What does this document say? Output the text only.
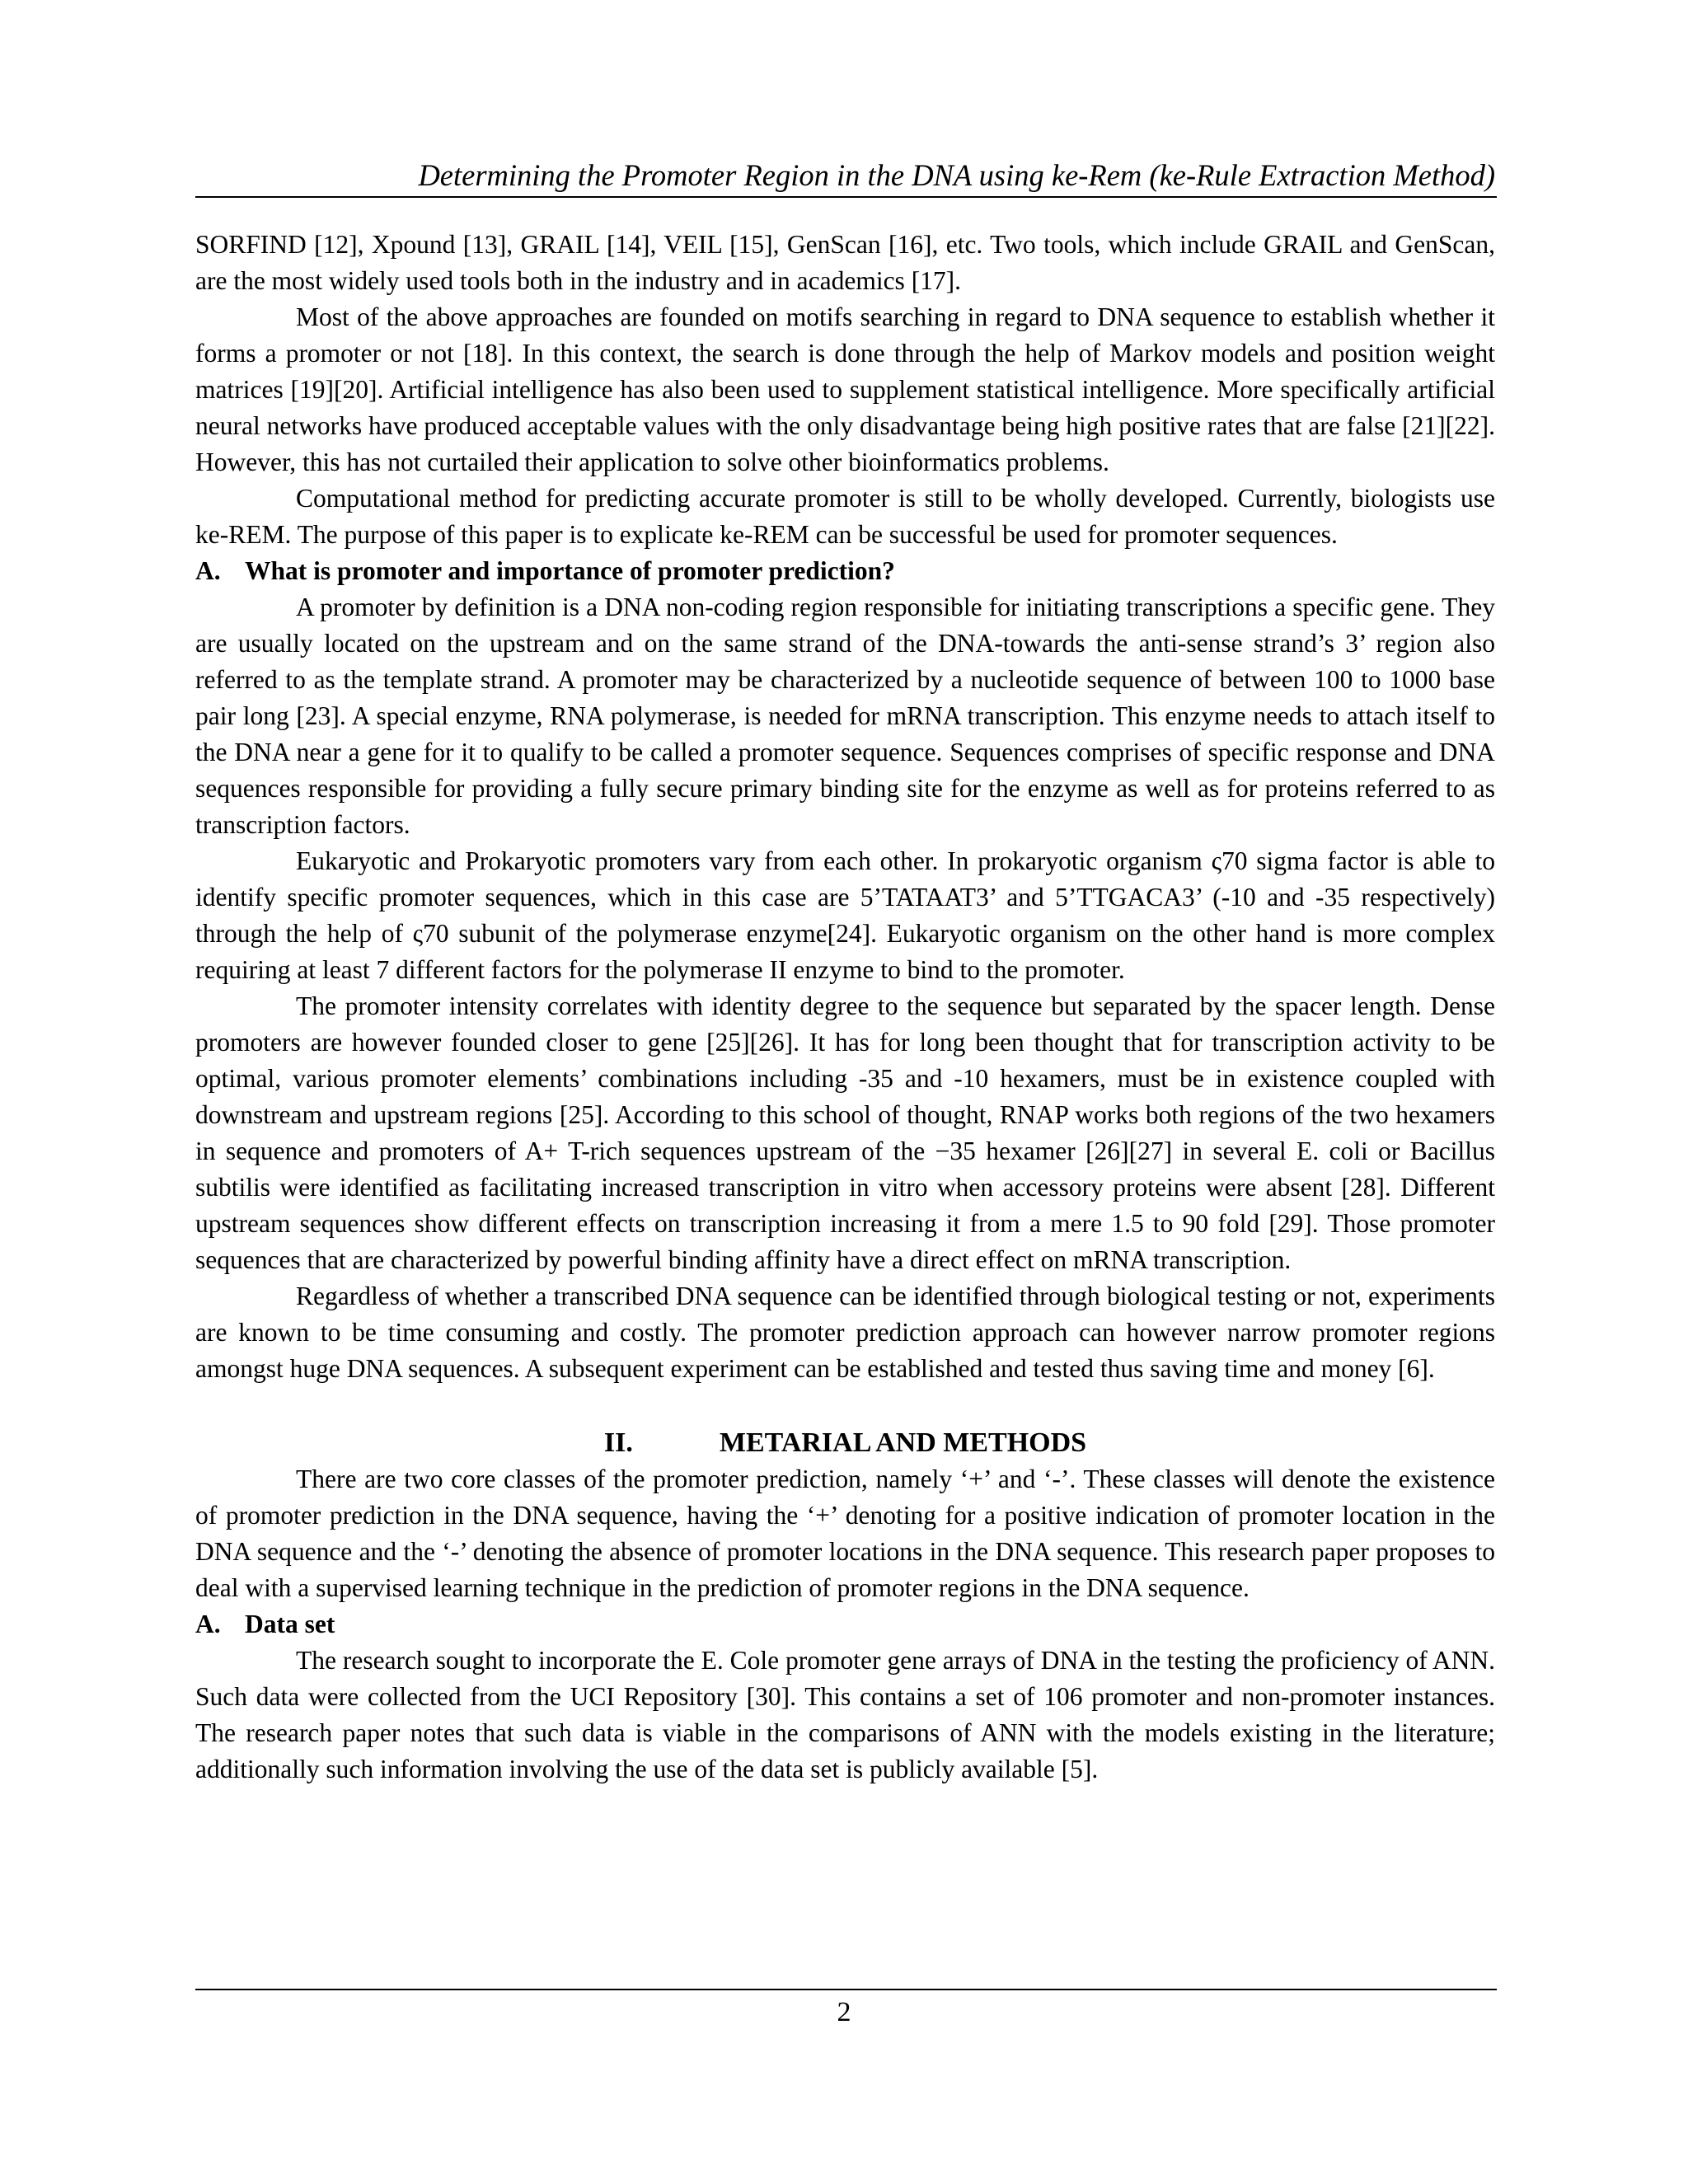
Determining the Promoter Region in the DNA using ke-Rem (ke-Rule Extraction Method)

SORFIND [12], Xpound [13], GRAIL [14], VEIL [15], GenScan [16], etc. Two tools, which include GRAIL and GenScan, are the most widely used tools both in the industry and in academics [17].

Most of the above approaches are founded on motifs searching in regard to DNA sequence to establish whether it forms a promoter or not [18]. In this context, the search is done through the help of Markov models and position weight matrices [19][20]. Artificial intelligence has also been used to supplement statistical intelligence. More specifically artificial neural networks have produced acceptable values with the only disadvantage being high positive rates that are false [21][22]. However, this has not curtailed their application to solve other bioinformatics problems.

Computational method for predicting accurate promoter is still to be wholly developed. Currently, biologists use ke-REM. The purpose of this paper is to explicate ke-REM can be successful be used for promoter sequences.

A. What is promoter and importance of promoter prediction?

A promoter by definition is a DNA non-coding region responsible for initiating transcriptions a specific gene. They are usually located on the upstream and on the same strand of the DNA-towards the anti-sense strand’s 3’ region also referred to as the template strand. A promoter may be characterized by a nucleotide sequence of between 100 to 1000 base pair long [23]. A special enzyme, RNA polymerase, is needed for mRNA transcription. This enzyme needs to attach itself to the DNA near a gene for it to qualify to be called a promoter sequence. Sequences comprises of specific response and DNA sequences responsible for providing a fully secure primary binding site for the enzyme as well as for proteins referred to as transcription factors.

Eukaryotic and Prokaryotic promoters vary from each other. In prokaryotic organism ς70 sigma factor is able to identify specific promoter sequences, which in this case are 5’TATAAT3’ and 5’TTGACA3’ (-10 and -35 respectively) through the help of ς70 subunit of the polymerase enzyme[24]. Eukaryotic organism on the other hand is more complex requiring at least 7 different factors for the polymerase II enzyme to bind to the promoter.

The promoter intensity correlates with identity degree to the sequence but separated by the spacer length. Dense promoters are however founded closer to gene [25][26]. It has for long been thought that for transcription activity to be optimal, various promoter elements’ combinations including -35 and -10 hexamers, must be in existence coupled with downstream and upstream regions [25]. According to this school of thought, RNAP works both regions of the two hexamers in sequence and promoters of A+ T-rich sequences upstream of the −35 hexamer [26][27] in several E. coli or Bacillus subtilis were identified as facilitating increased transcription in vitro when accessory proteins were absent [28]. Different upstream sequences show different effects on transcription increasing it from a mere 1.5 to 90 fold [29]. Those promoter sequences that are characterized by powerful binding affinity have a direct effect on mRNA transcription.

Regardless of whether a transcribed DNA sequence can be identified through biological testing or not, experiments are known to be time consuming and costly. The promoter prediction approach can however narrow promoter regions amongst huge DNA sequences. A subsequent experiment can be established and tested thus saving time and money [6].

II.	METARIAL AND METHODS

There are two core classes of the promoter prediction, namely ‘+’ and ‘-’. These classes will denote the existence of promoter prediction in the DNA sequence, having the ‘+’ denoting for a positive indication of promoter location in the DNA sequence and the ‘-’ denoting the absence of promoter locations in the DNA sequence. This research paper proposes to deal with a supervised learning technique in the prediction of promoter regions in the DNA sequence.

A. Data set

The research sought to incorporate the E. Cole promoter gene arrays of DNA in the testing the proficiency of ANN. Such data were collected from the UCI Repository [30]. This contains a set of 106 promoter and non-promoter instances. The research paper notes that such data is viable in the comparisons of ANN with the models existing in the literature; additionally such information involving the use of the data set is publicly available [5].

2
